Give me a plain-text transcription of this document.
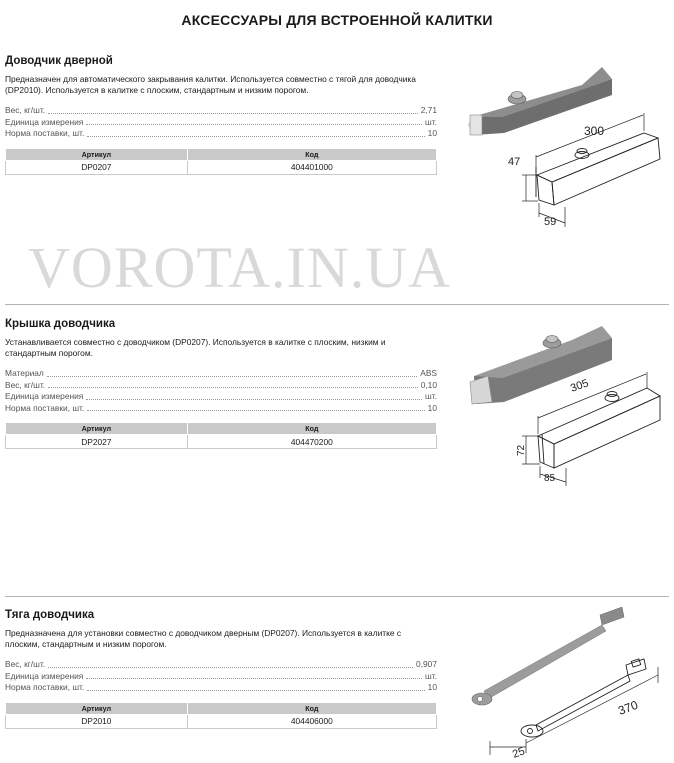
АКСЕССУАРЫ ДЛЯ ВСТРОЕННОЙ КАЛИТКИ
Доводчик дверной
Предназначен для автоматического закрывания калитки. Используется совместно с тягой для доводчика (DP2010). Используется в калитке с плоским, стандартным и низким порогом.
Вес, кг/шт.	2,71
Единица измерения	шт.
Норма поставки, шт.	10
Артикул	Код
DP0207	404401000
VOROTA.IN.UA
Крышка доводчика
Устанавливается совместно с доводчиком (DP0207). Используется в калитке с плоским, низким и стандартным порогом.
Материал	ABS
Вес, кг/шт.	0,10
Единица измерения	шт.
Норма поставки, шт.	10
Артикул	Код
DP2027	404470200
Тяга доводчика
Предназначена для установки совместно с доводчиком дверным (DP0207). Используется в калитке с плоским, стандартным и низким порогом.
Вес, кг/шт.	0,907
Единица измерения	шт.
Норма поставки, шт.	10
Артикул	Код
DP2010	404406000
300
47
59
305
72
85
370
25
